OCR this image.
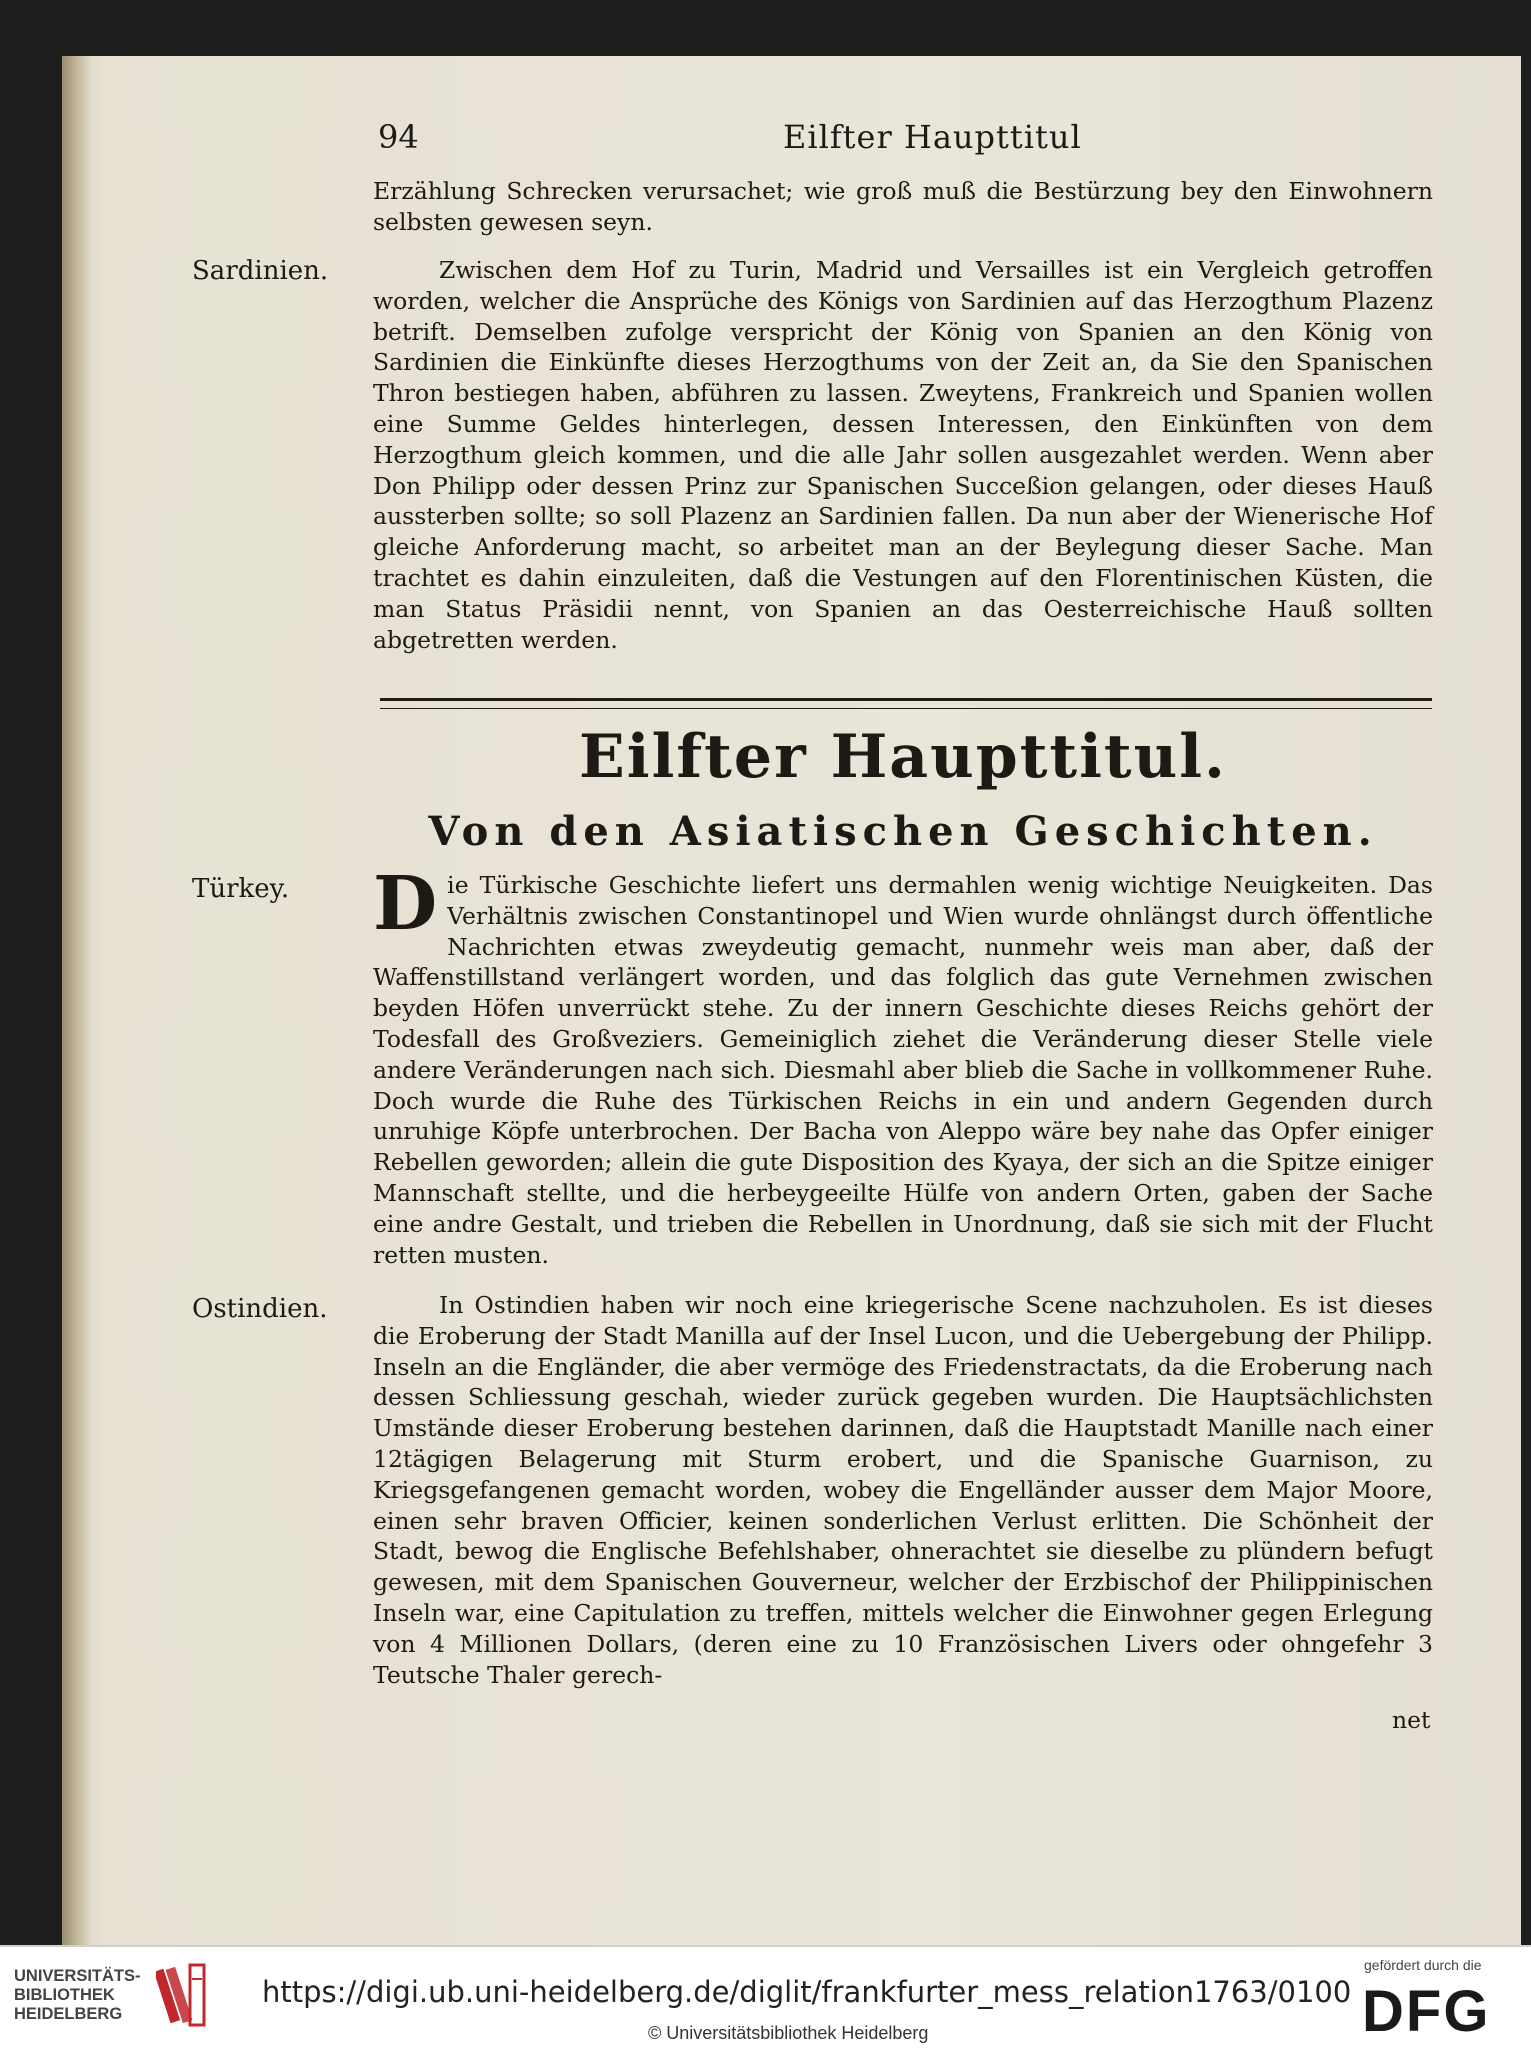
94	Eilfter Haupttitul

Erzählung Schrecken verursachet; wie groß muß die Bestürzung bey den Einwohnern selbsten gewesen seyn.

Sardinien.	Zwischen dem Hof zu Turin, Madrid und Versailles ist ein Vergleich getroffen worden, welcher die Ansprüche des Königs von Sardinien auf das Herzogthum Plazenz betrift. Demselben zufolge verspricht der König von Spanien an den König von Sardinien die Einkünfte dieses Herzogthums von der Zeit an, da Sie den Spanischen Thron bestiegen haben, abführen zu lassen. Zweytens, Frankreich und Spanien wollen eine Summe Geldes hinterlegen, dessen Interessen, den Einkünften von dem Herzogthum gleich kommen, und die alle Jahr sollen ausgezahlet werden. Wenn aber Don Philipp oder dessen Prinz zur Spanischen Succeßion gelangen, oder dieses Hauß aussterben sollte; so soll Plazenz an Sardinien fallen. Da nun aber der Wienerische Hof gleiche Anforderung macht, so arbeitet man an der Beylegung dieser Sache. Man trachtet es dahin einzuleiten, daß die Vestungen auf den Florentinischen Küsten, die man Status Präsidii nennt, von Spanien an das Oesterreichische Hauß sollten abgetretten werden.

Eilfter Haupttitul.
Von den Asiatischen Geschichten.
Türkey. D ie Türkische Geschichte liefert uns dermahlen wenig wichtige Neuigkeiten. Das Verhältnis zwischen Constantinopel und Wien wurde ohnlängst durch öffentliche Nachrichten etwas zweydeutig gemacht, nunmehr weis man aber, daß der Waffenstillstand verlängert worden, und das folglich das gute Vernehmen zwischen beyden Höfen unverrückt stehe. Zu der innern Geschichte dieses Reichs gehört der Todesfall des Großveziers. Gemeiniglich ziehet die Veränderung dieser Stelle viele andere Veränderungen nach sich. Diesmahl aber blieb die Sache in vollkommener Ruhe. Doch wurde die Ruhe des Türkischen Reichs in ein und andern Gegenden durch unruhige Köpfe unterbrochen. Der Bacha von Aleppo wäre bey nahe das Opfer einiger Rebellen geworden; allein die gute Disposition des Kyaya, der sich an die Spitze einiger Mannschaft stellte, und die herbeygeeilte Hülfe von andern Orten, gaben der Sache eine andre Gestalt, und trieben die Rebellen in Unordnung, daß sie sich mit der Flucht retten musten.

Ostindien.	In Ostindien haben wir noch eine kriegerische Scene nachzuholen. Es ist dieses die Eroberung der Stadt Manilla auf der Insel Lucon, und die Uebergebung der Philipp. Inseln an die Engländer, die aber vermöge des Friedenstractats, da die Eroberung nach dessen Schliessung geschah, wieder zurück gegeben wurden. Die Hauptsächlichsten Umstände dieser Eroberung bestehen darinnen, daß die Hauptstadt Manille nach einer 12tägigen Belagerung mit Sturm erobert, und die Spanische Guarnison, zu Kriegsgefangenen gemacht worden, wobey die Engelländer ausser dem Major Moore, einen sehr braven Officier, keinen sonderlichen Verlust erlitten. Die Schönheit der Stadt, bewog die Englische Befehlshaber, ohnerachtet sie dieselbe zu plündern befugt gewesen, mit dem Spanischen Gouverneur, welcher der Erzbischof der Philippinischen Inseln war, eine Capitulation zu treffen, mittels welcher die Einwohner gegen Erlegung von 4 Millionen Dollars, (deren eine zu 10 Französischen Livers oder ohngefehr 3 Teutsche Thaler gerech-

net
UNIVERSITÄTS-
BIBLIOTHEK
HEIDELBERG
https://digi.ub.uni-heidelberg.de/diglit/frankfurter_mess_relation1763/0100
© Universitätsbibliothek Heidelberg
gefördert durch die
DFG
